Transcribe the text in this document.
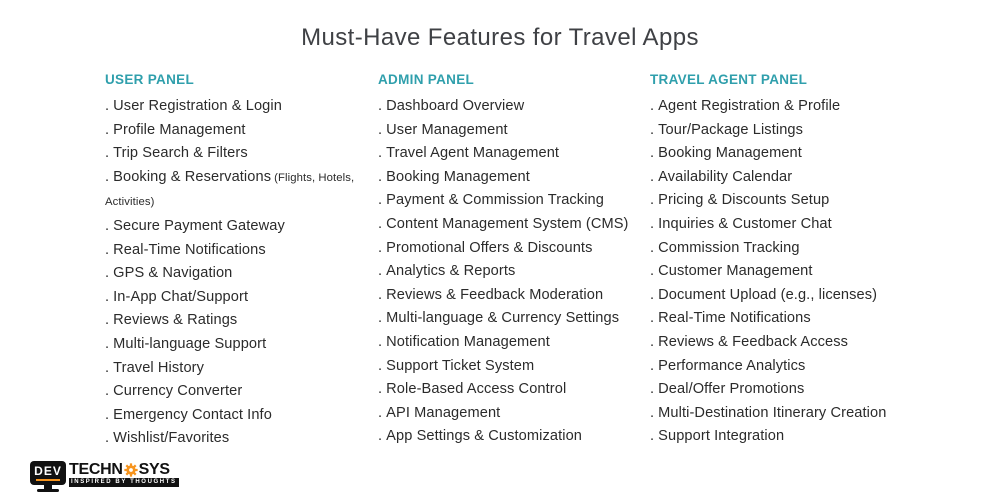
Must-Have Features for Travel Apps
USER PANEL
. User Registration & Login
. Profile Management
. Trip Search & Filters
. Booking & Reservations (Flights, Hotels, Activities)
. Secure Payment Gateway
. Real-Time Notifications
. GPS & Navigation
. In-App Chat/Support
. Reviews & Ratings
. Multi-language Support
. Travel History
. Currency Converter
. Emergency Contact Info
. Wishlist/Favorites
ADMIN PANEL
. Dashboard Overview
. User Management
. Travel Agent Management
. Booking Management
. Payment & Commission Tracking
. Content Management System (CMS)
. Promotional Offers & Discounts
. Analytics & Reports
. Reviews & Feedback Moderation
. Multi-language & Currency Settings
. Notification Management
. Support Ticket System
. Role-Based Access Control
. API Management
. App Settings & Customization
TRAVEL AGENT PANEL
. Agent Registration & Profile
. Tour/Package Listings
. Booking Management
. Availability Calendar
. Pricing & Discounts Setup
. Inquiries & Customer Chat
. Commission Tracking
. Customer Management
. Document Upload (e.g., licenses)
. Real-Time Notifications
. Reviews & Feedback Access
. Performance Analytics
. Deal/Offer Promotions
. Multi-Destination Itinerary Creation
. Support Integration
DEV TECHN SYS
INSPIRED BY THOUGHTS
